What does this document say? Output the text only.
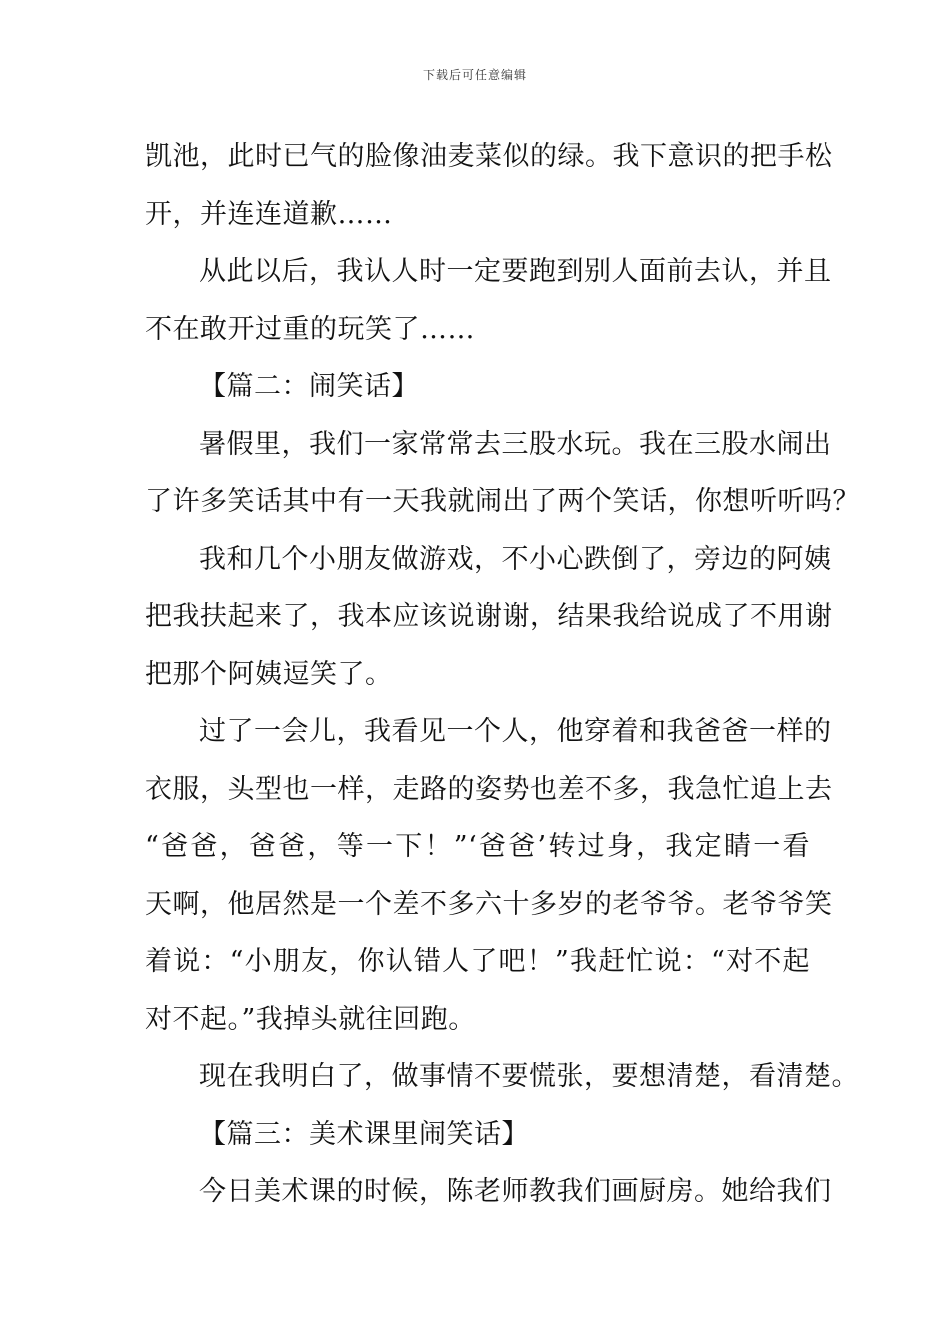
下载后可任意编辑
凯池，此时已气的脸像油麦菜似的绿。我下意识的把手松
开，并连连道歉……
从此以后，我认人时一定要跑到别人面前去认，并且
不在敢开过重的玩笑了……
【篇二：闹笑话】
暑假里，我们一家常常去三股水玩。我在三股水闹出
了许多笑话其中有一天我就闹出了两个笑话，你想听听吗？
我和几个小朋友做游戏，不小心跌倒了，旁边的阿姨
把我扶起来了，我本应该说谢谢，结果我给说成了不用谢
把那个阿姨逗笑了。
过了一会儿，我看见一个人，他穿着和我爸爸一样的
衣服，头型也一样，走路的姿势也差不多，我急忙追上去
“爸爸，爸爸，等一下！”‘爸爸’转过身，我定睛一看
天啊，他居然是一个差不多六十多岁的老爷爷。老爷爷笑
着说：“小朋友，你认错人了吧！”我赶忙说：“对不起
对不起。”我掉头就往回跑。
现在我明白了，做事情不要慌张，要想清楚，看清楚。
【篇三：美术课里闹笑话】
今日美术课的时候，陈老师教我们画厨房。她给我们
